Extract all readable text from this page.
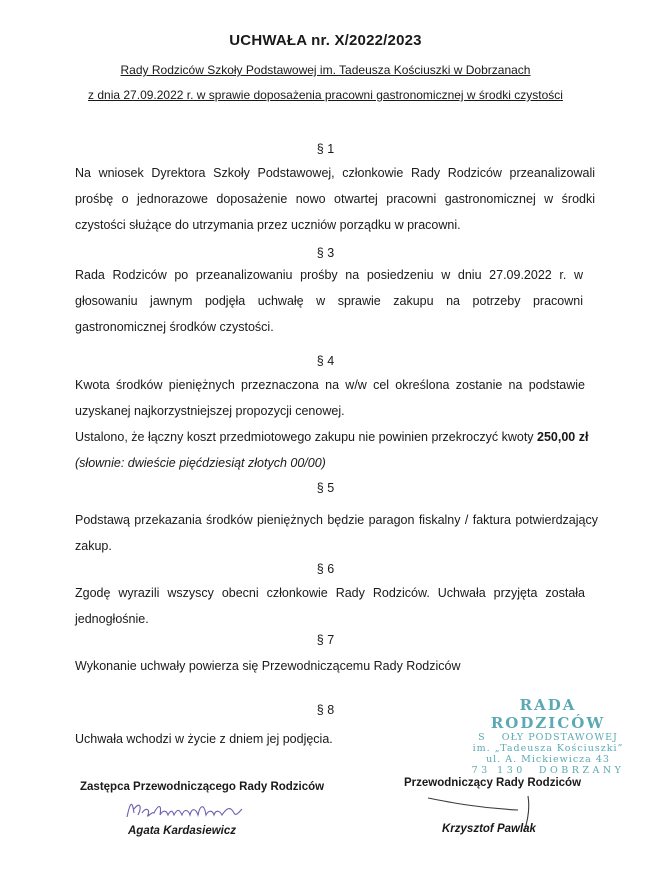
UCHWAŁA nr. X/2022/2023
Rady Rodziców Szkoły Podstawowej im. Tadeusza Kościuszki w Dobrzanach
z dnia 27.09.2022 r. w sprawie doposażenia pracowni gastronomicznej w środki czystości
§ 1
Na wniosek Dyrektora Szkoły Podstawowej, członkowie Rady Rodziców przeanalizowali prośbę o jednorazowe doposażenie nowo otwartej pracowni gastronomicznej w środki czystości służące do utrzymania przez uczniów porządku w pracowni.
§ 3
Rada Rodziców po przeanalizowaniu prośby na posiedzeniu w dniu 27.09.2022 r. w głosowaniu jawnym podjęła uchwałę w sprawie zakupu na potrzeby pracowni gastronomicznej środków czystości.
§ 4
Kwota środków pieniężnych przeznaczona na w/w cel określona zostanie na podstawie uzyskanej najkorzystniejszej propozycji cenowej.
Ustalono, że łączny koszt przedmiotowego zakupu nie powinien przekroczyć kwoty 250,00 zł
(słownie: dwieście pięćdziesiąt złotych 00/00)
§ 5
Podstawą przekazania środków pieniężnych będzie paragon fiskalny / faktura potwierdzający zakup.
§ 6
Zgodę wyrazili wszyscy obecni członkowie Rady Rodziców. Uchwała przyjęta została jednogłośnie.
§ 7
Wykonanie uchwały powierza się Przewodniczącemu Rady Rodziców
§ 8
Uchwała wchodzi w życie z dniem jej podjęcia.
RADA RODZICÓW
S    OŁY PODSTAWOWEJ
im. „Tadeusza Kościuszki”
ul. A. Mickiewicza 43
73 130  DOBRZANY
Zastępca Przewodniczącego Rady Rodziców
Agata Kardasiewicz
Przewodniczący Rady Rodziców
Krzysztof Pawlak
